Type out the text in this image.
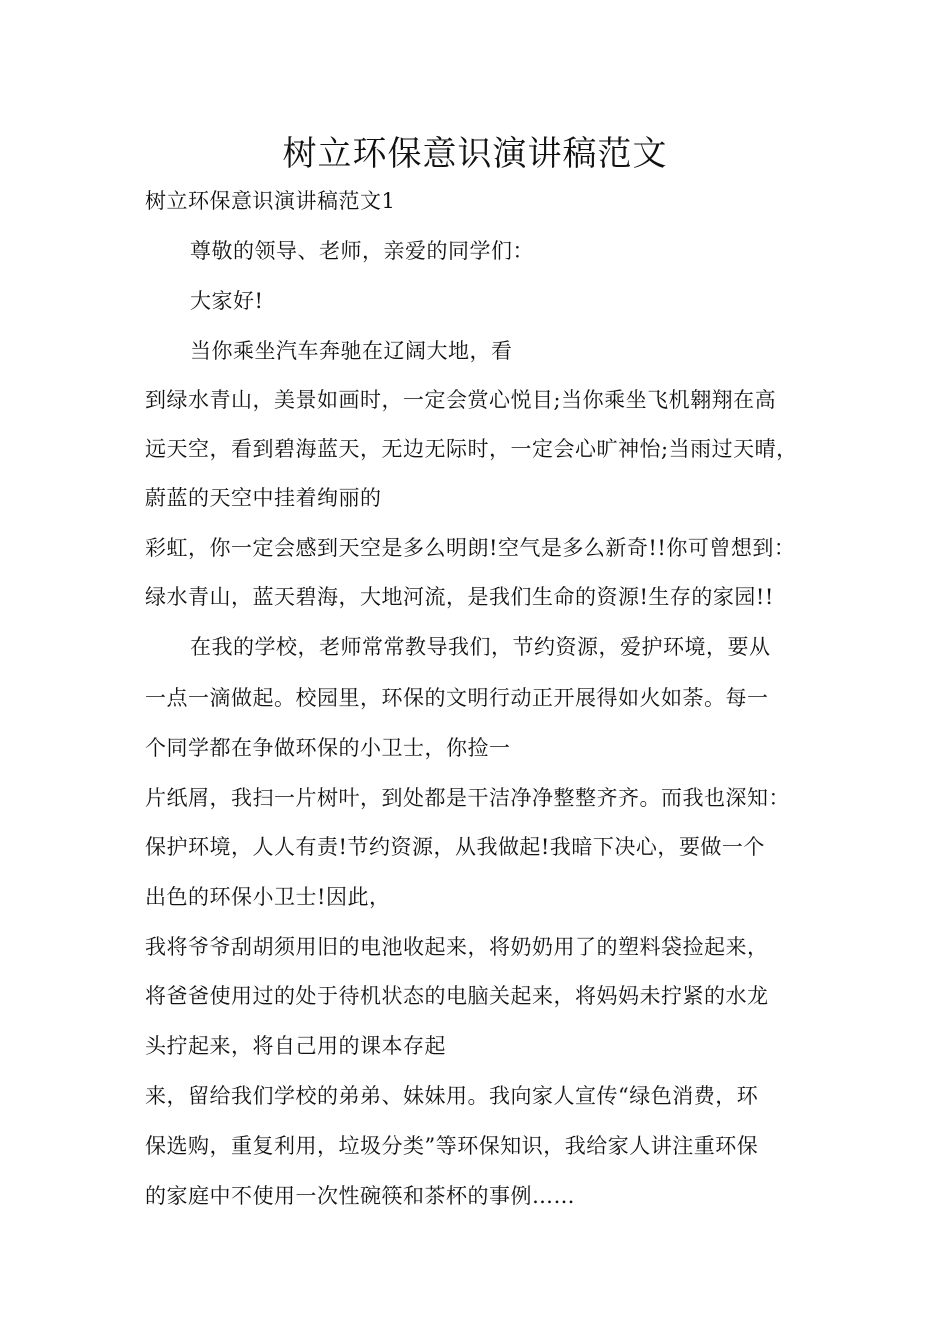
树立环保意识演讲稿范文
树立环保意识演讲稿范文1
尊敬的领导、老师，亲爱的同学们：
大家好!
当你乘坐汽车奔驰在辽阔大地，看
到绿水青山，美景如画时，一定会赏心悦目;当你乘坐飞机翱翔在高
远天空，看到碧海蓝天，无边无际时，一定会心旷神怡;当雨过天晴，
蔚蓝的天空中挂着绚丽的
彩虹，你一定会感到天空是多么明朗!空气是多么新奇!!你可曾想到：
绿水青山，蓝天碧海，大地河流，是我们生命的资源!生存的家园!!
在我的学校，老师常常教导我们，节约资源，爱护环境，要从
一点一滴做起。校园里，环保的文明行动正开展得如火如荼。每一
个同学都在争做环保的小卫士，你捡一
片纸屑，我扫一片树叶，到处都是干洁净净整整齐齐。而我也深知：
保护环境，人人有责!节约资源，从我做起!我暗下决心，要做一个
出色的环保小卫士!因此，
我将爷爷刮胡须用旧的电池收起来，将奶奶用了的塑料袋捡起来，
将爸爸使用过的处于待机状态的电脑关起来，将妈妈未拧紧的水龙
头拧起来，将自己用的课本存起
来，留给我们学校的弟弟、妹妹用。我向家人宣传“绿色消费，环
保选购，重复利用，垃圾分类”等环保知识，我给家人讲注重环保
的家庭中不使用一次性碗筷和茶杯的事例……
